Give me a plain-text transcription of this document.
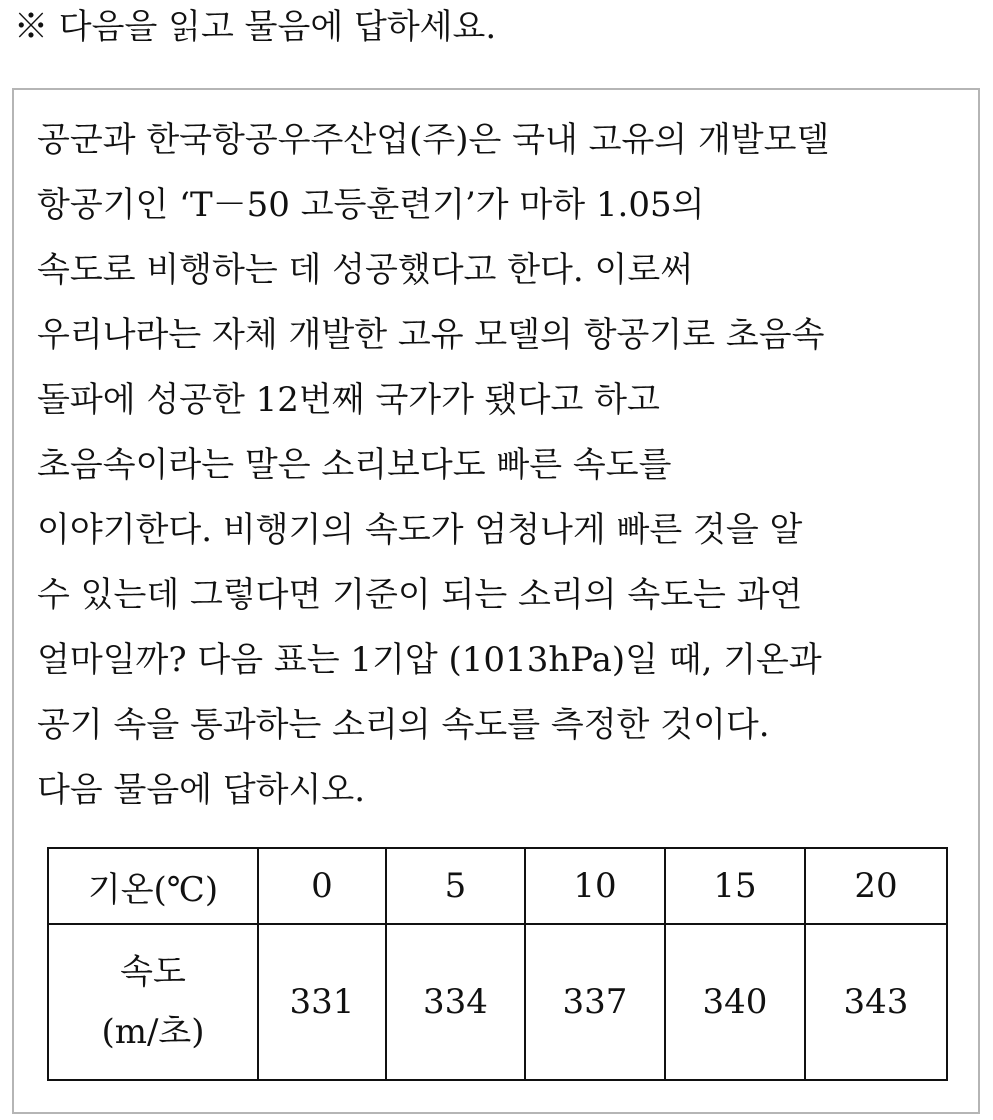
※ 다음을 읽고 물음에 답하세요.
공군과 한국항공우주산업(주)은 국내 고유의 개발모델
항공기인 ‘T－50 고등훈련기’가 마하 1.05의
속도로 비행하는 데 성공했다고 한다. 이로써
우리나라는 자체 개발한 고유 모델의 항공기로 초음속
돌파에 성공한 12번째 국가가 됐다고 하고
초음속이라는 말은 소리보다도 빠른 속도를
이야기한다. 비행기의 속도가 엄청나게 빠른 것을 알
수 있는데 그렇다면 기준이 되는 소리의 속도는 과연
얼마일까? 다음 표는 1기압 (1013hPa)일 때, 기온과
공기 속을 통과하는 소리의 속도를 측정한 것이다.
다음 물음에 답하시오.
기온(℃)	0	5	10	15	20

속도
(m/초)	331	334	337	340	343
